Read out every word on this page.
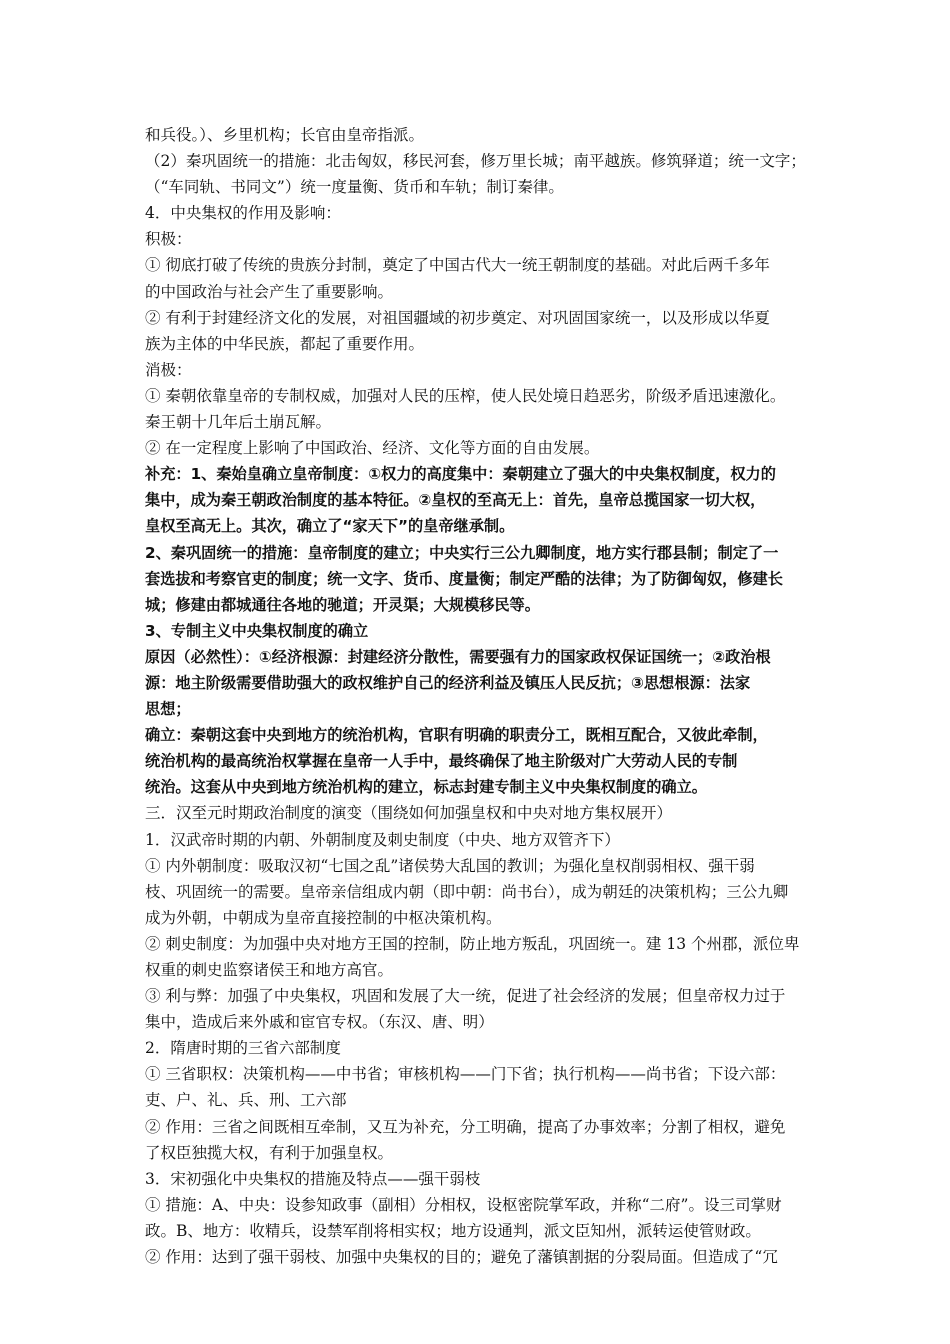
和兵役。）、乡里机构；长官由皇帝指派。
（2）秦巩固统一的措施：北击匈奴，移民河套，修万里长城；南平越族。修筑驿道；统一文字；
（“车同轨、书同文”）统一度量衡、货币和车轨；制订秦律。
4．中央集权的作用及影响：
积极：
① 彻底打破了传统的贵族分封制，奠定了中国古代大一统王朝制度的基础。对此后两千多年
的中国政治与社会产生了重要影响。
② 有利于封建经济文化的发展，对祖国疆域的初步奠定、对巩固国家统一，以及形成以华夏
族为主体的中华民族，都起了重要作用。
消极：
① 秦朝依靠皇帝的专制权威，加强对人民的压榨，使人民处境日趋恶劣，阶级矛盾迅速激化。
秦王朝十几年后土崩瓦解。
② 在一定程度上影响了中国政治、经济、文化等方面的自由发展。
补充：1、秦始皇确立皇帝制度：①权力的高度集中：秦朝建立了强大的中央集权制度，权力的
集中，成为秦王朝政治制度的基本特征。②皇权的至高无上：首先，皇帝总揽国家一切大权，
皇权至高无上。其次，确立了“家天下”的皇帝继承制。
2、秦巩固统一的措施：皇帝制度的建立；中央实行三公九卿制度，地方实行郡县制；制定了一
套选拔和考察官吏的制度；统一文字、货币、度量衡；制定严酷的法律；为了防御匈奴，修建长
城；修建由都城通往各地的驰道；开灵渠；大规模移民等。
3、专制主义中央集权制度的确立
原因（必然性）：①经济根源：封建经济分散性，需要强有力的国家政权保证国统一；②政治根
源：地主阶级需要借助强大的政权维护自己的经济利益及镇压人民反抗；③思想根源：法家
思想；
确立：秦朝这套中央到地方的统治机构，官职有明确的职责分工，既相互配合，又彼此牵制，
统治机构的最高统治权掌握在皇帝一人手中，最终确保了地主阶级对广大劳动人民的专制
统治。这套从中央到地方统治机构的建立，标志封建专制主义中央集权制度的确立。
三．汉至元时期政治制度的演变（围绕如何加强皇权和中央对地方集权展开）
1．汉武帝时期的内朝、外朝制度及刺史制度（中央、地方双管齐下）
① 内外朝制度：吸取汉初“七国之乱”诸侯势大乱国的教训；为强化皇权削弱相权、强干弱
枝、巩固统一的需要。皇帝亲信组成内朝（即中朝：尚书台），成为朝廷的决策机构；三公九卿
成为外朝，中朝成为皇帝直接控制的中枢决策机构。
② 刺史制度：为加强中央对地方王国的控制，防止地方叛乱，巩固统一。建 13 个州郡，派位卑
权重的刺史监察诸侯王和地方高官。
③ 利与弊：加强了中央集权，巩固和发展了大一统，促进了社会经济的发展；但皇帝权力过于
集中，造成后来外戚和宦官专权。（东汉、唐、明）
2．隋唐时期的三省六部制度
① 三省职权：决策机构——中书省；审核机构——门下省；执行机构——尚书省；下设六部：
吏、户、礼、兵、刑、工六部
② 作用：三省之间既相互牵制，又互为补充，分工明确，提高了办事效率；分割了相权，避免
了权臣独揽大权，有利于加强皇权。
3．宋初强化中央集权的措施及特点——强干弱枝
① 措施：A、中央：设参知政事（副相）分相权，设枢密院掌军政，并称“二府”。设三司掌财
政。B、地方：收精兵，设禁军削将相实权；地方设通判，派文臣知州，派转运使管财政。
② 作用：达到了强干弱枝、加强中央集权的目的；避免了藩镇割据的分裂局面。但造成了“冗
